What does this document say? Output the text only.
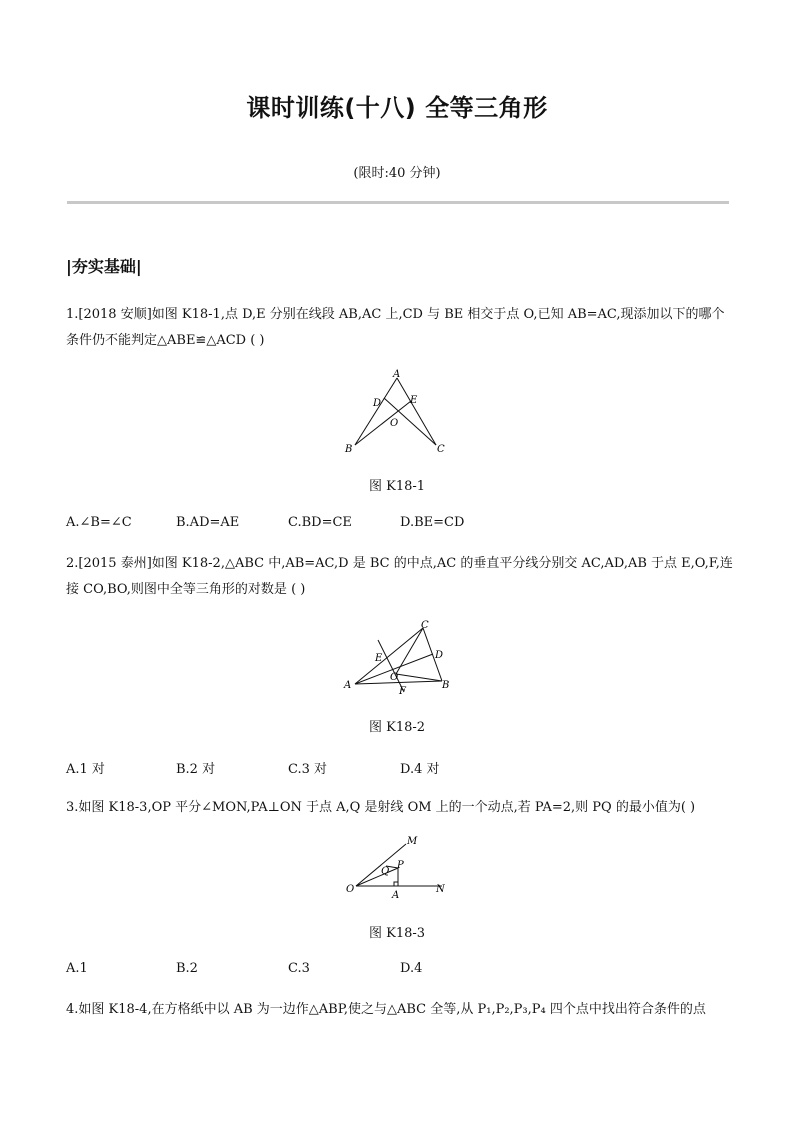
课时训练(十八) 全等三角形
(限时:40 分钟)
|夯实基础|
1.[2018 安顺]如图 K18-1,点 D,E 分别在线段 AB,AC 上,CD 与 BE 相交于点 O,已知 AB=AC,现添加以下的哪个条件仍不能判定△ABE≌△ACD ( )
A
B	C
D	E
O
图 K18-1
A.∠B=∠C	B.AD=AE	C.BD=CE	D.BE=CD
2.[2015 泰州]如图 K18-2,△ABC 中,AB=AC,D 是 BC 的中点,AC 的垂直平分线分别交 AC,AD,AB 于点 E,O,F,连接 CO,BO,则图中全等三角形的对数是 ( )
C
A	B
D
E
O
F
图 K18-2
A.1 对	B.2 对	C.3 对	D.4 对
3.如图 K18-3,OP 平分∠MON,PA⊥ON 于点 A,Q 是射线 OM 上的一个动点,若 PA=2,则 PQ 的最小值为( )
O
M
N
P
Q
A
图 K18-3
A.1	B.2	C.3	D.4
4.如图 K18-4,在方格纸中以 AB 为一边作△ABP,使之与△ABC 全等,从 P₁,P₂,P₃,P₄ 四个点中找出符合条件的点
